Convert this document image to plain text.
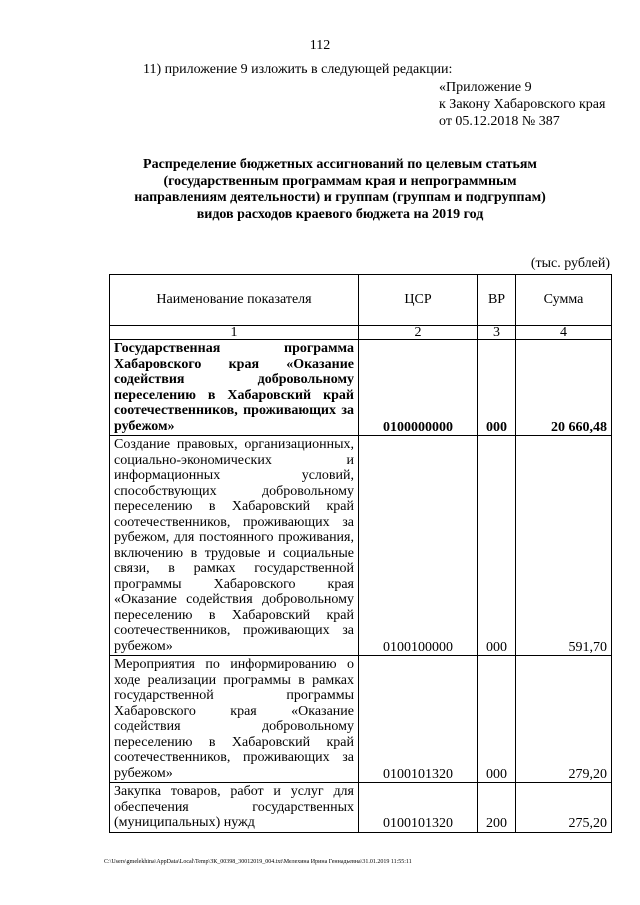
112
11) приложение 9 изложить в следующей редакции:
«Приложение 9
к Закону Хабаровского края
от 05.12.2018 № 387
Распределение бюджетных ассигнований по целевым статьям (государственным программам края и непрограммным направлениям деятельности) и группам (группам и подгруппам) видов расходов краевого бюджета на 2019 год
(тыс. рублей)
Наименование показателя	ЦСР	ВР	Сумма
1	2	3	4
Государственная программа Хабаровского края «Оказание содействия добровольному переселению в Хабаровский край соотечественников, проживающих за рубежом»	0100000000	000	20 660,48
Создание правовых, организационных, социально-экономических и информационных условий, способствующих добровольному переселению в Хабаровский край соотечественников, проживающих за рубежом, для постоянного проживания, включению в трудовые и социальные связи, в рамках государственной программы Хабаровского края «Оказание содействия добровольному переселению в Хабаровский край соотечественников, проживающих за рубежом»	0100100000	000	591,70
Мероприятия по информированию о ходе реализации программы в рамках государственной программы Хабаровского края «Оказание содействия добровольному переселению в Хабаровский край соотечественников, проживающих за рубежом»	0100101320	000	279,20
Закупка товаров, работ и услуг для обеспечения государственных (муниципальных) нужд	0100101320	200	275,20
C:\Users\gmelekhina\AppData\Local\Temp\ЗК_00398_30012019_004.txt\Мелехина Ирина Геннадьевна\31.01.2019 11:55:11
